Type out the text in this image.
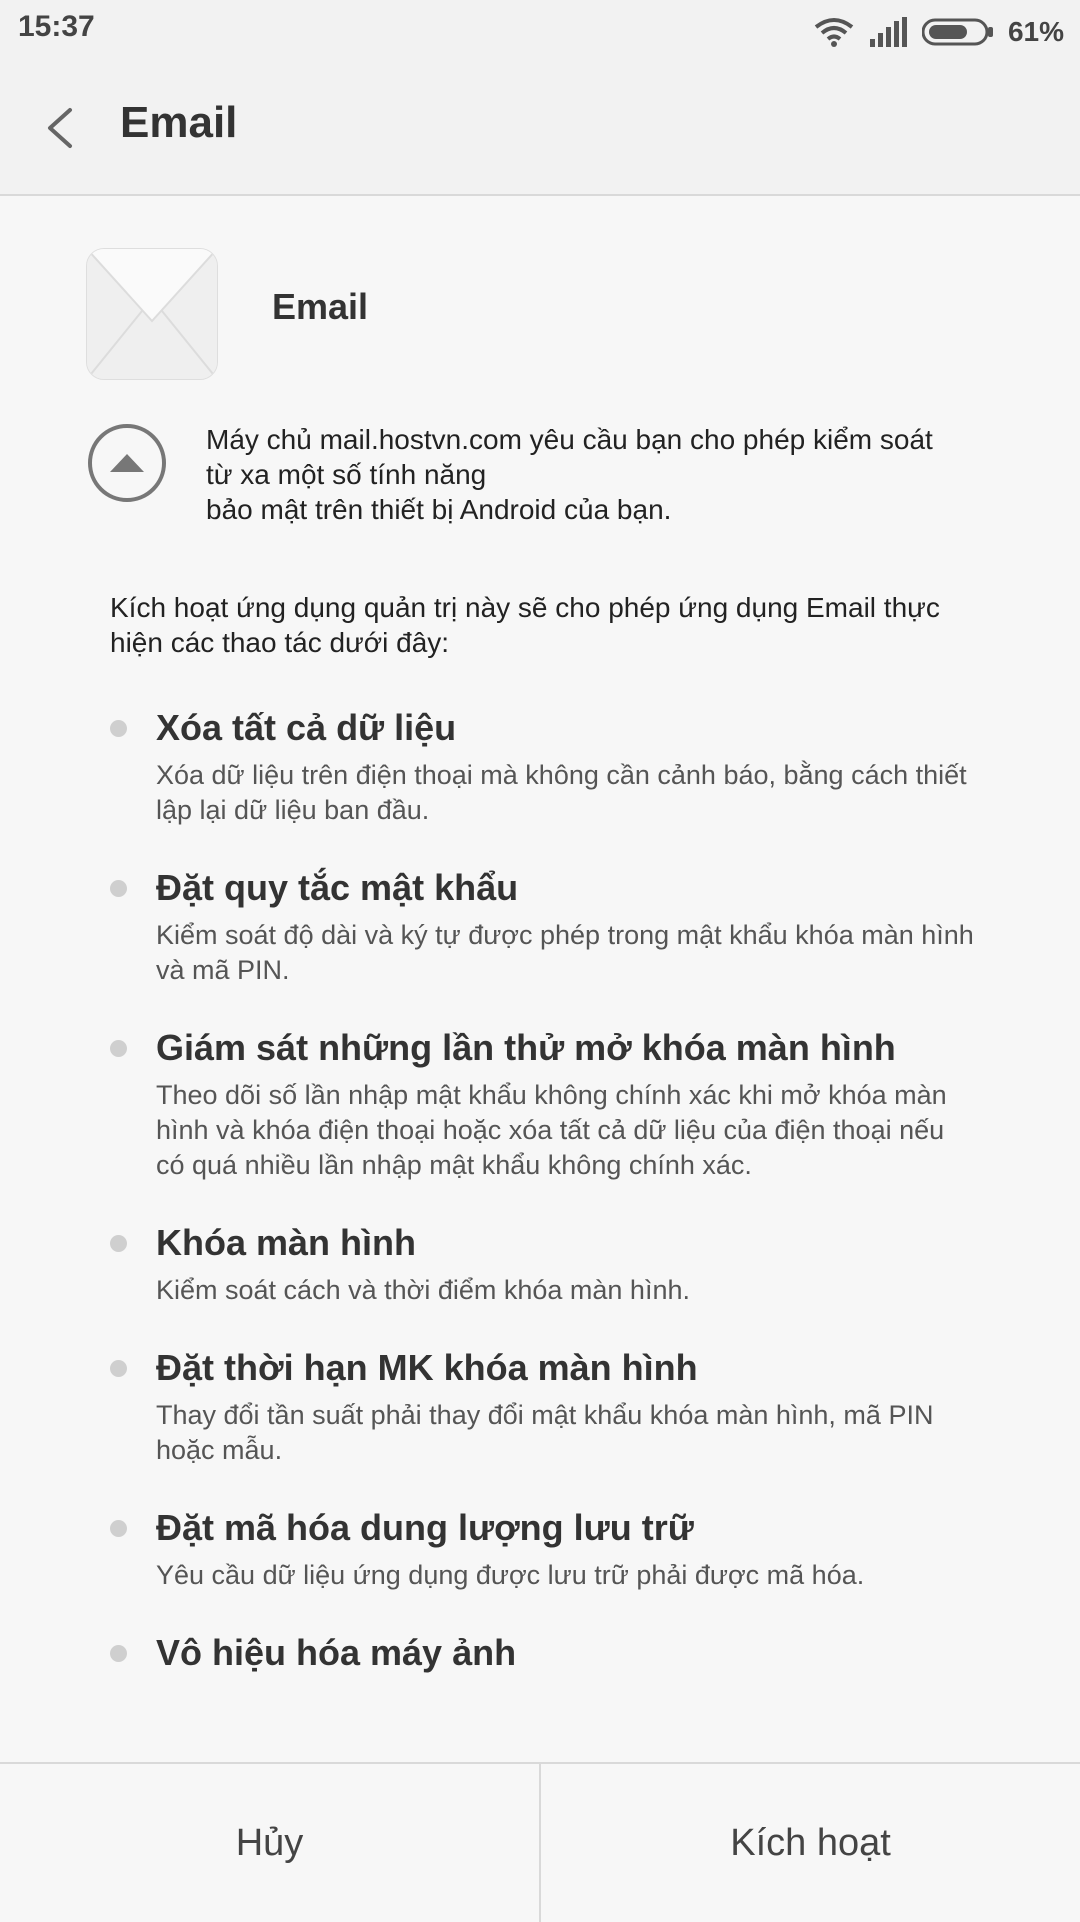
15:37	61%
Email
Email
Máy chủ mail.hostvn.com yêu cầu bạn cho phép kiểm soát từ xa một số tính năng
bảo mật trên thiết bị Android của bạn.
Kích hoạt ứng dụng quản trị này sẽ cho phép ứng dụng Email thực hiện các thao tác dưới đây:
Xóa tất cả dữ liệu
Xóa dữ liệu trên điện thoại mà không cần cảnh báo, bằng cách thiết lập lại dữ liệu ban đầu.
Đặt quy tắc mật khẩu
Kiểm soát độ dài và ký tự được phép trong mật khẩu khóa màn hình và mã PIN.
Giám sát những lần thử mở khóa màn hình
Theo dõi số lần nhập mật khẩu không chính xác khi mở khóa màn hình và khóa điện thoại hoặc xóa tất cả dữ liệu của điện thoại nếu có quá nhiều lần nhập mật khẩu không chính xác.
Khóa màn hình
Kiểm soát cách và thời điểm khóa màn hình.
Đặt thời hạn MK khóa màn hình
Thay đổi tần suất phải thay đổi mật khẩu khóa màn hình, mã PIN hoặc mẫu.
Đặt mã hóa dung lượng lưu trữ
Yêu cầu dữ liệu ứng dụng được lưu trữ phải được mã hóa.
Vô hiệu hóa máy ảnh
Hủy	Kích hoạt
